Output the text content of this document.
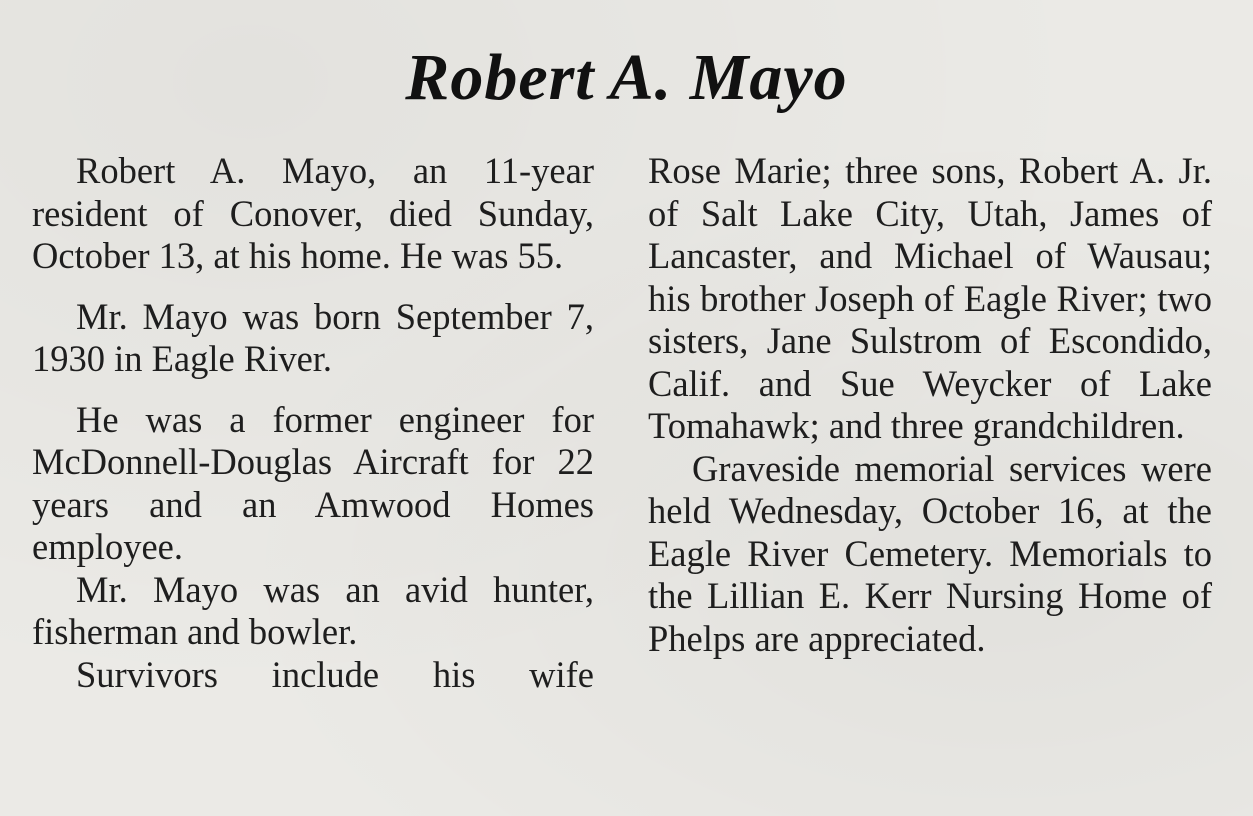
Robert A. Mayo

Robert A. Mayo, an 11-year resident of Conover, died Sunday, October 13, at his home. He was 55.

Mr. Mayo was born September 7, 1930 in Eagle River.

He was a former engineer for McDonnell-Douglas Aircraft for 22 years and an Amwood Homes employee.

Mr. Mayo was an avid hunter, fisherman and bowler.

Survivors include his wife

Rose Marie; three sons, Robert A. Jr. of Salt Lake City, Utah, James of Lancaster, and Michael of Wausau; his brother Joseph of Eagle River; two sisters, Jane Sulstrom of Escondido, Calif. and Sue Weycker of Lake Tomahawk; and three grandchildren.

Graveside memorial services were held Wednesday, October 16, at the Eagle River Cemetery. Memorials to the Lillian E. Kerr Nursing Home of Phelps are appreciated.
